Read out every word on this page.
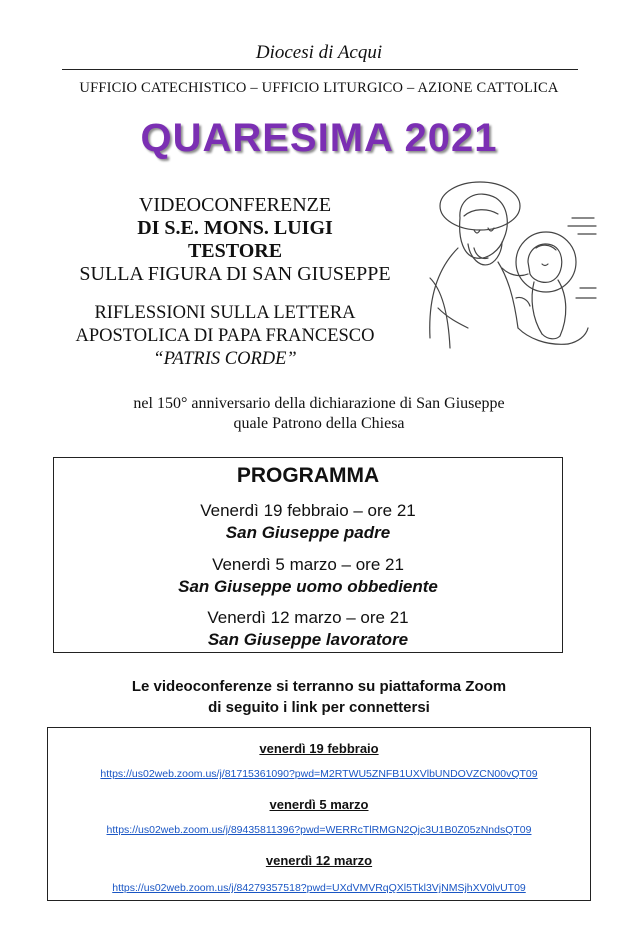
Diocesi di Acqui
UFFICIO CATECHISTICO – UFFICIO LITURGICO – AZIONE CATTOLICA
QUARESIMA 2021
VIDEOCONFERENZE
DI S.E. MONS. LUIGI
TESTORE
SULLA FIGURA DI SAN GIUSEPPE
RIFLESSIONI SULLA LETTERA
APOSTOLICA DI PAPA FRANCESCO
“PATRIS CORDE”
nel 150° anniversario della dichiarazione di San Giuseppe
quale Patrono della Chiesa
PROGRAMMA
Venerdì 19 febbraio – ore 21
San Giuseppe padre
Venerdì 5 marzo – ore 21
San Giuseppe uomo obbediente
Venerdì 12 marzo – ore 21
San Giuseppe lavoratore
Le videoconferenze si terranno su piattaforma Zoom
di seguito i link per connettersi
venerdì 19 febbraio
https://us02web.zoom.us/j/81715361090?pwd=M2RTWU5ZNFB1UXVlbUNDOVZCN00vQT09
venerdì 5 marzo
https://us02web.zoom.us/j/89435811396?pwd=WERRcTlRMGN2Qjc3U1B0Z05zNndsQT09
venerdì 12 marzo
https://us02web.zoom.us/j/84279357518?pwd=UXdVMVRqQXl5Tkl3VjNMSjhXV0lvUT09
